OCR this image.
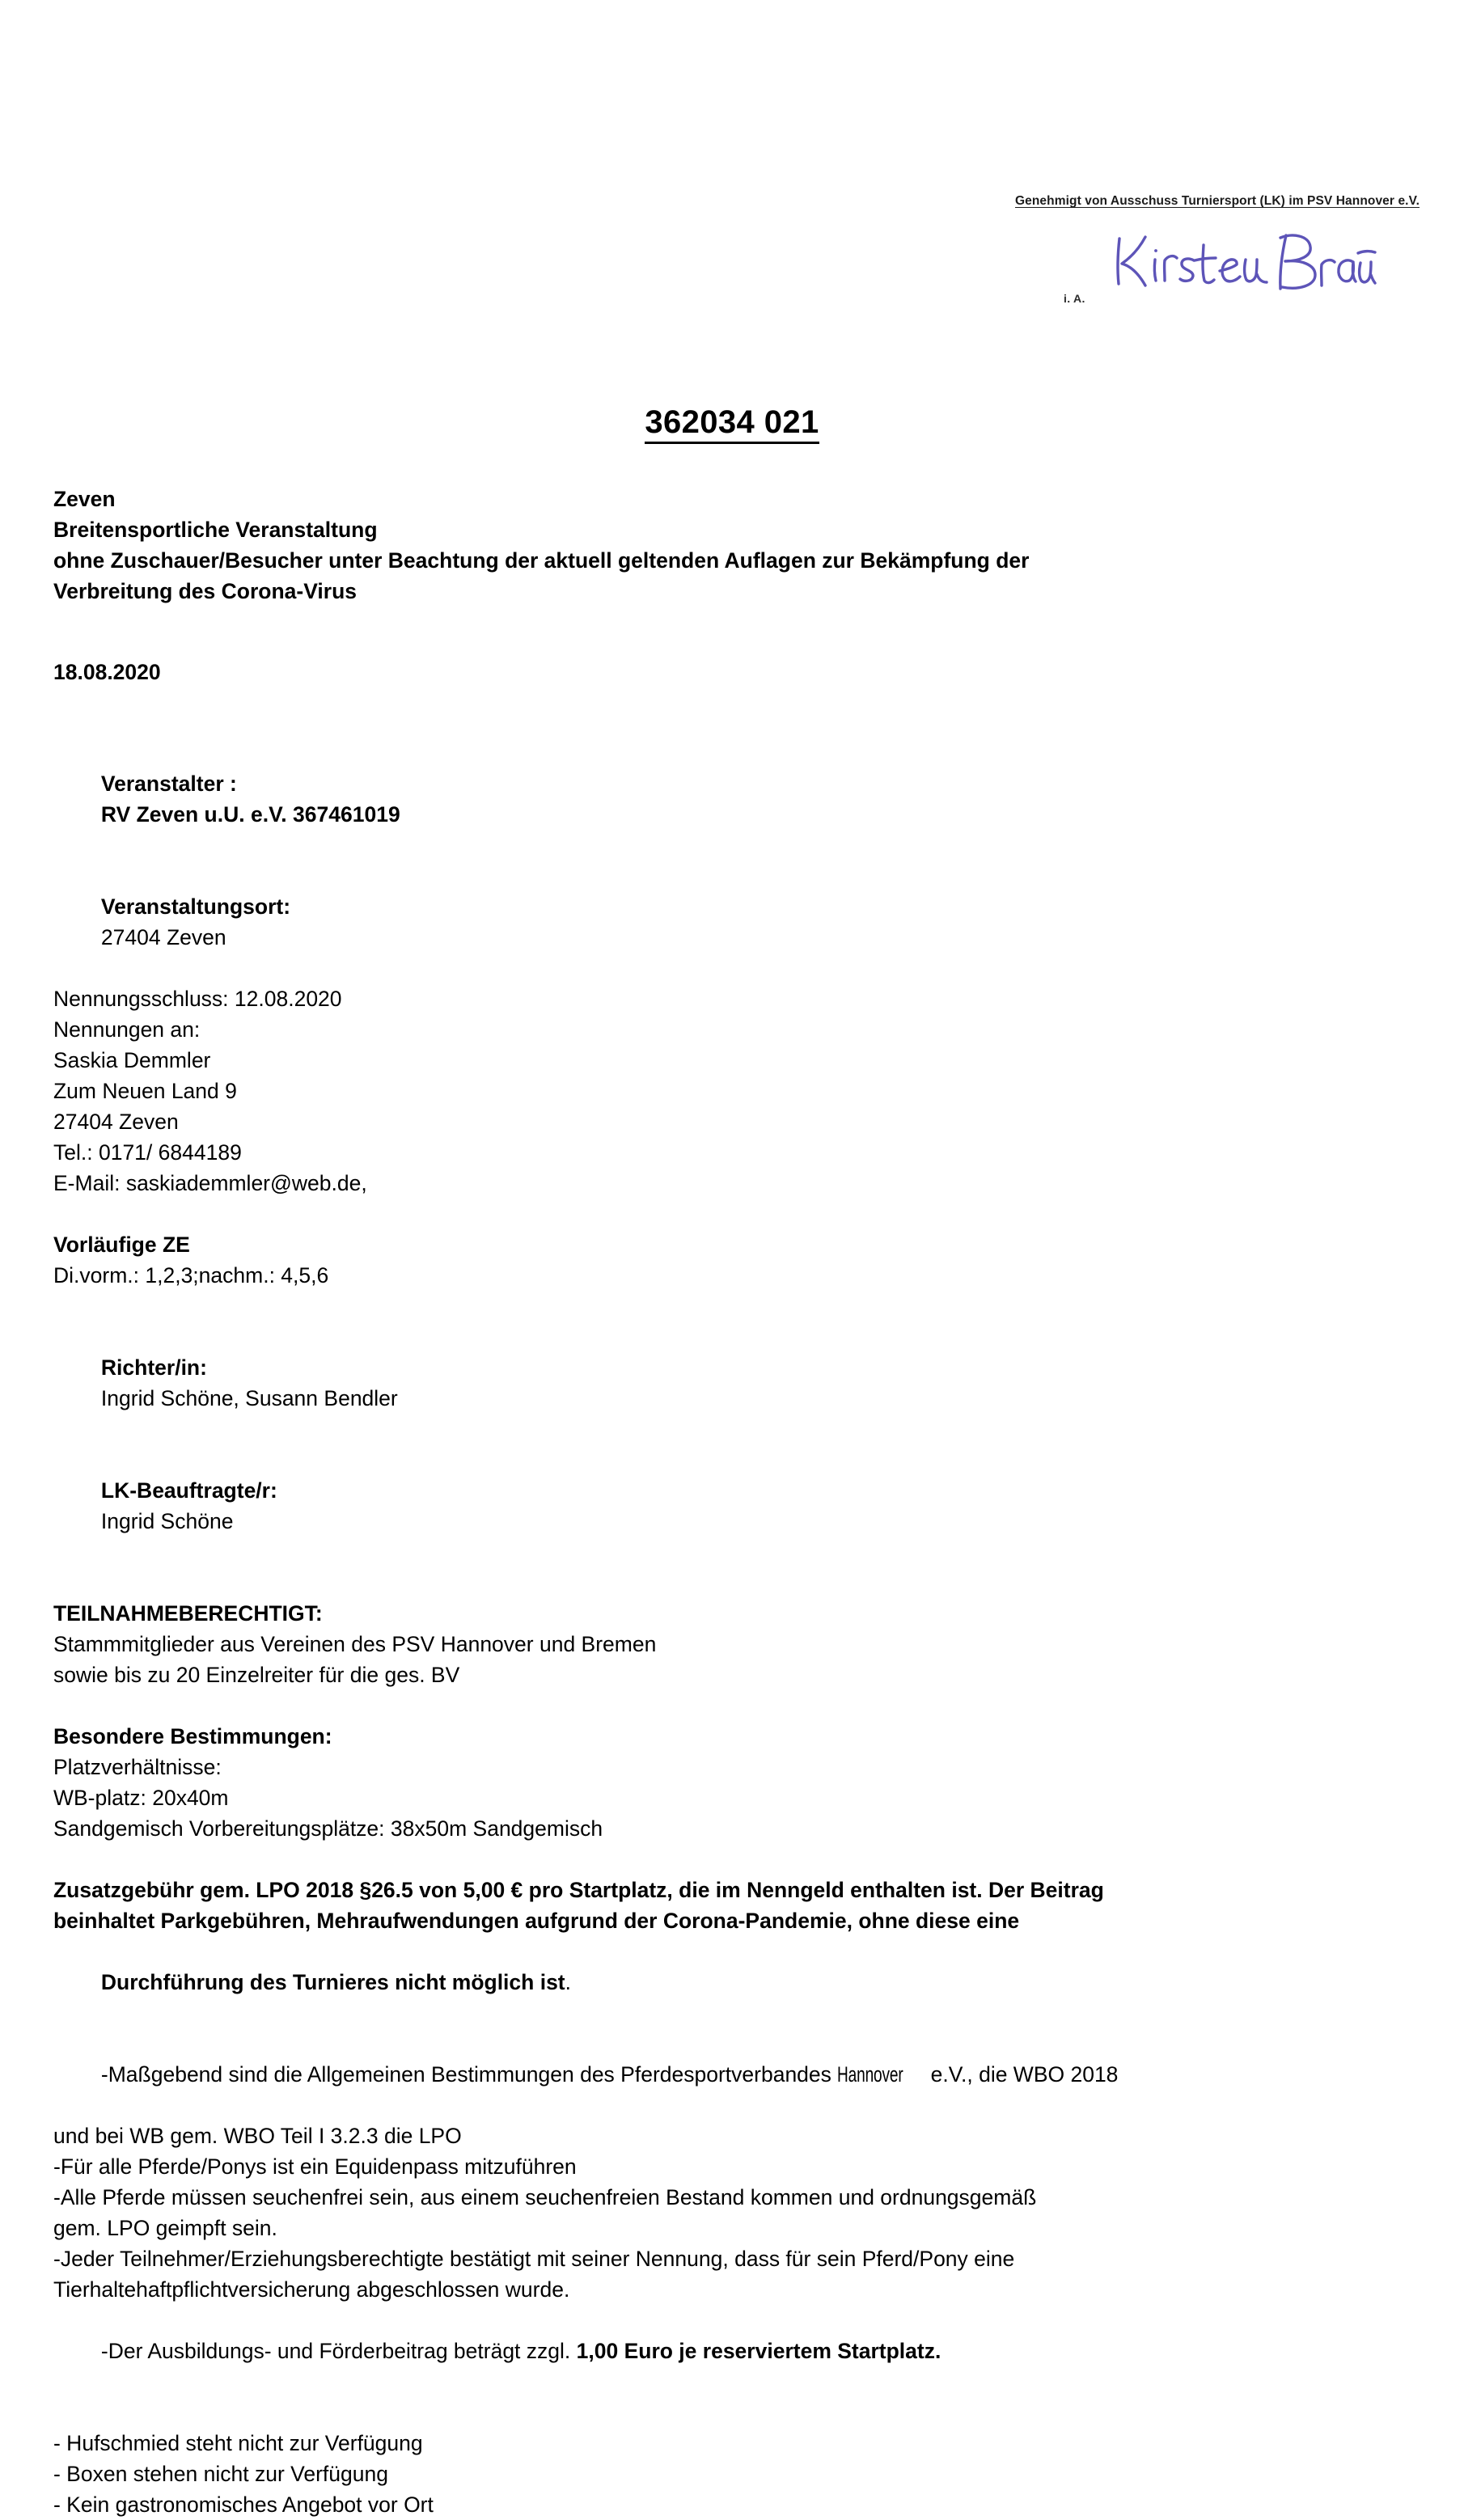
Genehmigt von Ausschuss Turniersport (LK) im PSV Hannover e.V.
i. A.
362034 021
Zeven
Breitensportliche Veranstaltung
ohne Zuschauer/Besucher unter Beachtung der aktuell geltenden Auflagen zur Bekämpfung der
Verbreitung des Corona-Virus
18.08.2020

Veranstalter :
RV Zeven u.U. e.V. 367461019

Veranstaltungsort:
27404 Zeven

Nennungsschluss: 12.08.2020
Nennungen an:
Saskia Demmler
Zum Neuen Land 9
27404 Zeven
Tel.: 0171/ 6844189
E-Mail: saskiademmler@web.de,
Vorläufige ZE
Di.vorm.: 1,2,3;nachm.: 4,5,6

Richter/in:
Ingrid Schöne, Susann Bendler

LK-Beauftragte/r:
Ingrid Schöne

TEILNAHMEBERECHTIGT:
Stammmitglieder aus Vereinen des PSV Hannover und Bremen
sowie bis zu 20 Einzelreiter für die ges. BV
Besondere Bestimmungen:
Platzverhältnisse:
WB-platz: 20x40m
Sandgemisch Vorbereitungsplätze: 38x50m Sandgemisch
Zusatzgebühr gem. LPO 2018 §26.5 von 5,00 € pro Startplatz, die im Nenngeld enthalten ist. Der Beitrag
beinhaltet Parkgebühren, Mehraufwendungen aufgrund der Corona-Pandemie, ohne diese eine

Durchführung des Turnieres nicht möglich ist.

-Maßgebend sind die Allgemeinen Bestimmungen des Pferdesportverbandes Hannover e.V., die WBO 2018

und bei WB gem. WBO Teil I 3.2.3 die LPO
-Für alle Pferde/Ponys ist ein Equidenpass mitzuführen
-Alle Pferde müssen seuchenfrei sein, aus einem seuchenfreien Bestand kommen und ordnungsgemäß
gem. LPO geimpft sein.
-Jeder Teilnehmer/Erziehungsberechtigte bestätigt mit seiner Nennung, dass für sein Pferd/Pony eine
Tierhaltehaftpflichtversicherung abgeschlossen wurde.

-Der Ausbildungs- und Förderbeitrag beträgt zzgl. 1,00 Euro je reserviertem Startplatz.

- Hufschmied steht nicht zur Verfügung
- Boxen stehen nicht zur Verfügung
- Kein gastronomisches Angebot vor Ort
